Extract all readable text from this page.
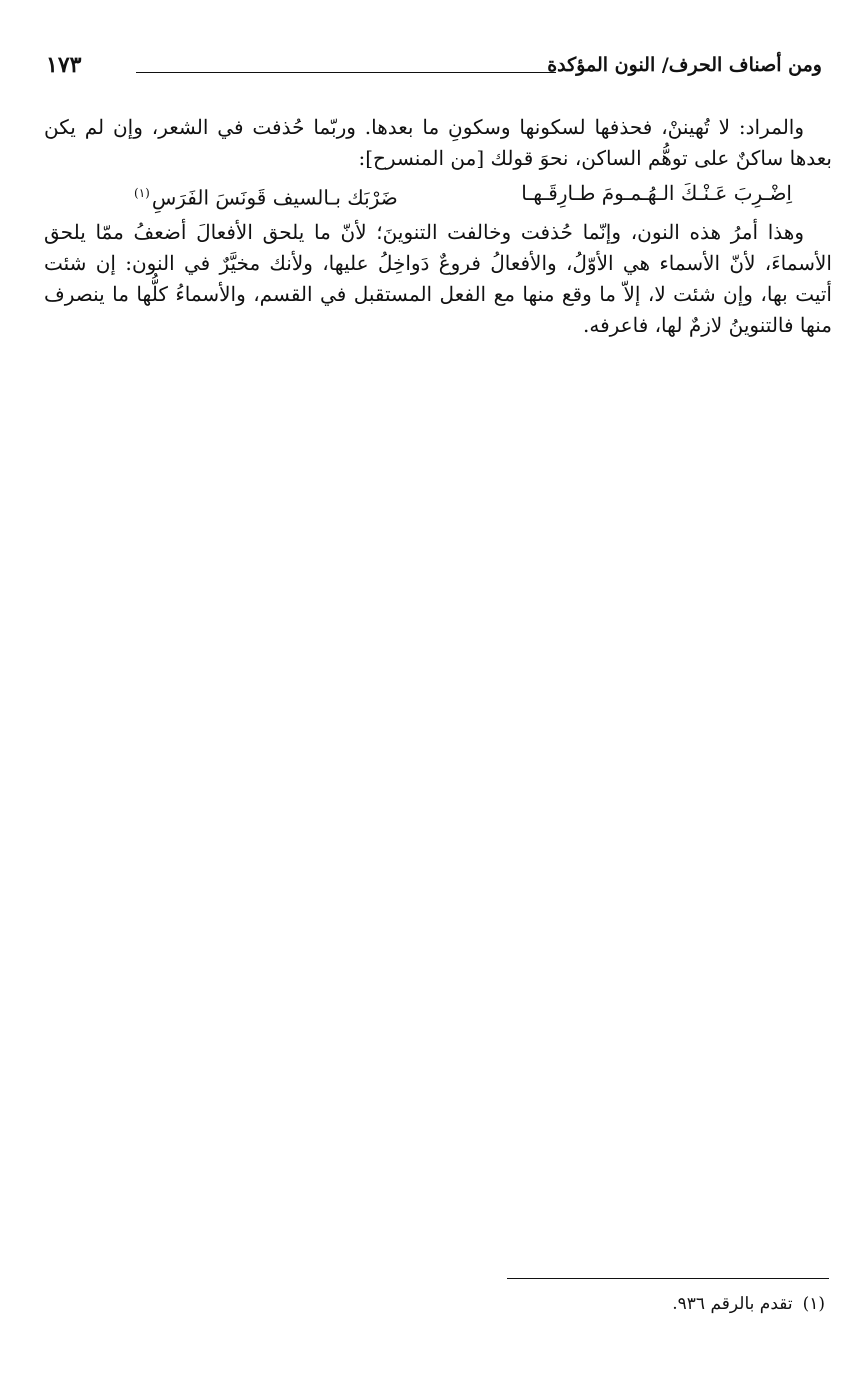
ومن أصناف الحرف/ النون المؤكدة
١٧٣

والمراد: لا تُهيننْ، فحذفها لسكونها وسكونِ ما بعدها. وربّما حُذفت في الشعر، وإن لم يكن بعدها ساكنٌ على توهُّم الساكن، نحوَ قولك [من المنسرح]:

اِضْـرِبَ عَـنْـكَ الـهُـمـومَ طـارِقَـهـا
ضَرْبَك بـالسيف قَونَسَ الفَرَسِ$^{(١)}$

وهذا أمرُ هذه النون، وإنّما حُذفت وخالفت التنوينَ؛ لأنّ ما يلحق الأفعالَ أضعفُ ممّا يلحق الأسماءَ، لأنّ الأسماء هي الأوّلُ، والأفعالُ فروعٌ دَواخِلُ عليها، ولأنك مخيَّرٌ في النون: إن شئت أتيت بها، وإن شئت لا، إلاّ ما وقع منها مع الفعل المستقبل في القسم، والأسماءُ كلُّها ما ينصرف منها فالتنوينُ لازمٌ لها، فاعرفه.

(١)تقدم بالرقم ٩٣٦.
